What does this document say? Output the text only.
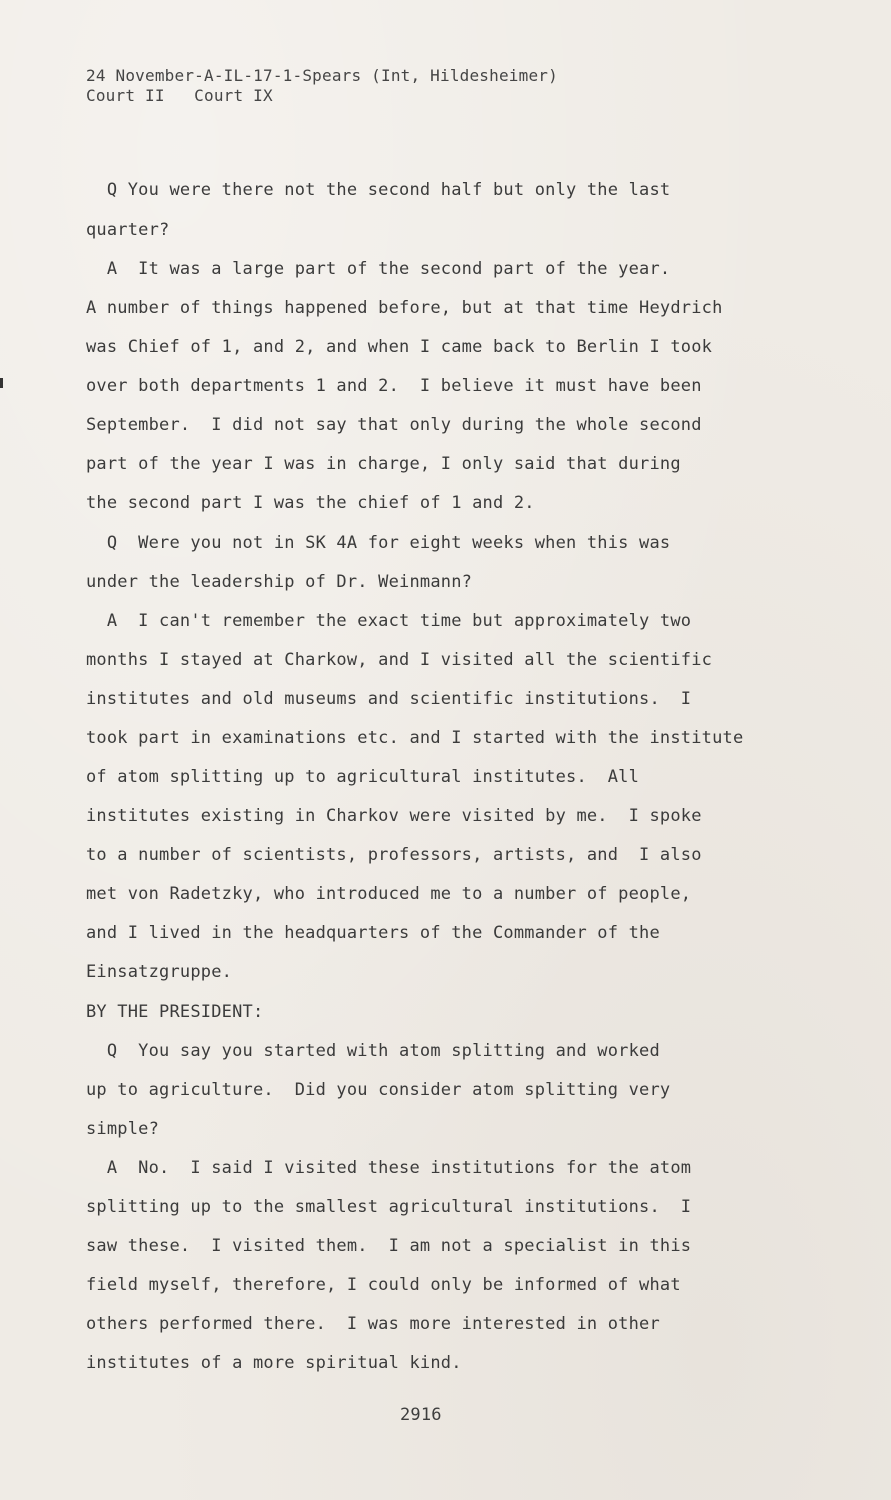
24 November-A-IL-17-1-Spears (Int, Hildesheimer)

Court II   Court IX

Q You were there not the second half but only the last

quarter?

A  It was a large part of the second part of the year.

A number of things happened before, but at that time Heydrich

was Chief of 1, and 2, and when I came back to Berlin I took

over both departments 1 and 2.  I believe it must have been

September.  I did not say that only during the whole second

part of the year I was in charge, I only said that during

the second part I was the chief of 1 and 2.

Q  Were you not in SK 4A for eight weeks when this was

under the leadership of Dr. Weinmann?

A  I can't remember the exact time but approximately two

months I stayed at Charkow, and I visited all the scientific

institutes and old museums and scientific institutions.  I

took part in examinations etc. and I started with the institute

of atom splitting up to agricultural institutes.  All

institutes existing in Charkov were visited by me.  I spoke

to a number of scientists, professors, artists, and  I also

met von Radetzky, who introduced me to a number of people,

and I lived in the headquarters of the Commander of the

Einsatzgruppe.

BY THE PRESIDENT:

Q  You say you started with atom splitting and worked

up to agriculture.  Did you consider atom splitting very

simple?

A  No.  I said I visited these institutions for the atom

splitting up to the smallest agricultural institutions.  I

saw these.  I visited them.  I am not a specialist in this

field myself, therefore, I could only be informed of what

others performed there.  I was more interested in other

institutes of a more spiritual kind.

2916
